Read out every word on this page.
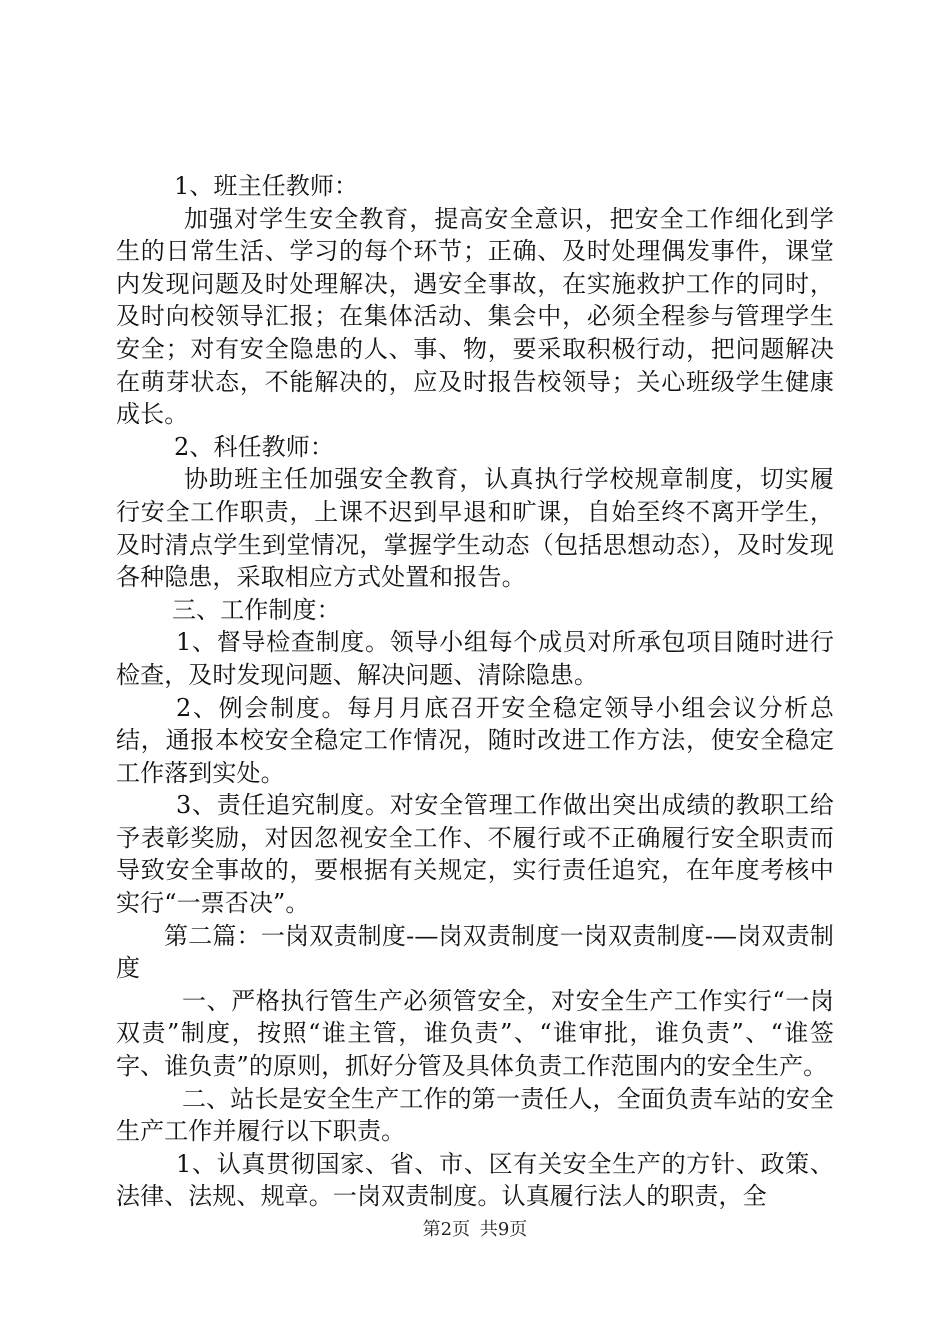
1、班主任教师：

加强对学生安全教育，提高安全意识，把安全工作细化到学生的日常生活、学习的每个环节；正确、及时处理偶发事件，课堂内发现问题及时处理解决，遇安全事故，在实施救护工作的同时，及时向校领导汇报；在集体活动、集会中，必须全程参与管理学生安全；对有安全隐患的人、事、物，要采取积极行动，把问题解决在萌芽状态，不能解决的，应及时报告校领导；关心班级学生健康成长。

2、科任教师：

协助班主任加强安全教育，认真执行学校规章制度，切实履行安全工作职责，上课不迟到早退和旷课，自始至终不离开学生，及时清点学生到堂情况，掌握学生动态（包括思想动态），及时发现各种隐患，采取相应方式处置和报告。

三、工作制度：

1、督导检查制度。领导小组每个成员对所承包项目随时进行检查，及时发现问题、解决问题、清除隐患。

2、例会制度。每月月底召开安全稳定领导小组会议分析总结，通报本校安全稳定工作情况，随时改进工作方法，使安全稳定工作落到实处。

3、责任追究制度。对安全管理工作做出突出成绩的教职工给予表彰奖励，对因忽视安全工作、不履行或不正确履行安全职责而导致安全事故的，要根据有关规定，实行责任追究，在年度考核中实行“一票否决”。

第二篇：一岗双责制度-—岗双责制度一岗双责制度-—岗双责制度

一、严格执行管生产必须管安全，对安全生产工作实行“一岗双责”制度，按照“谁主管，谁负责”、“谁审批，谁负责”、“谁签字、谁负责”的原则，抓好分管及具体负责工作范围内的安全生产。

二、站长是安全生产工作的第一责任人，全面负责车站的安全生产工作并履行以下职责。

1、认真贯彻国家、省、市、区有关安全生产的方针、政策、法律、法规、规章。一岗双责制度。认真履行法人的职责，全

第2页 共9页
